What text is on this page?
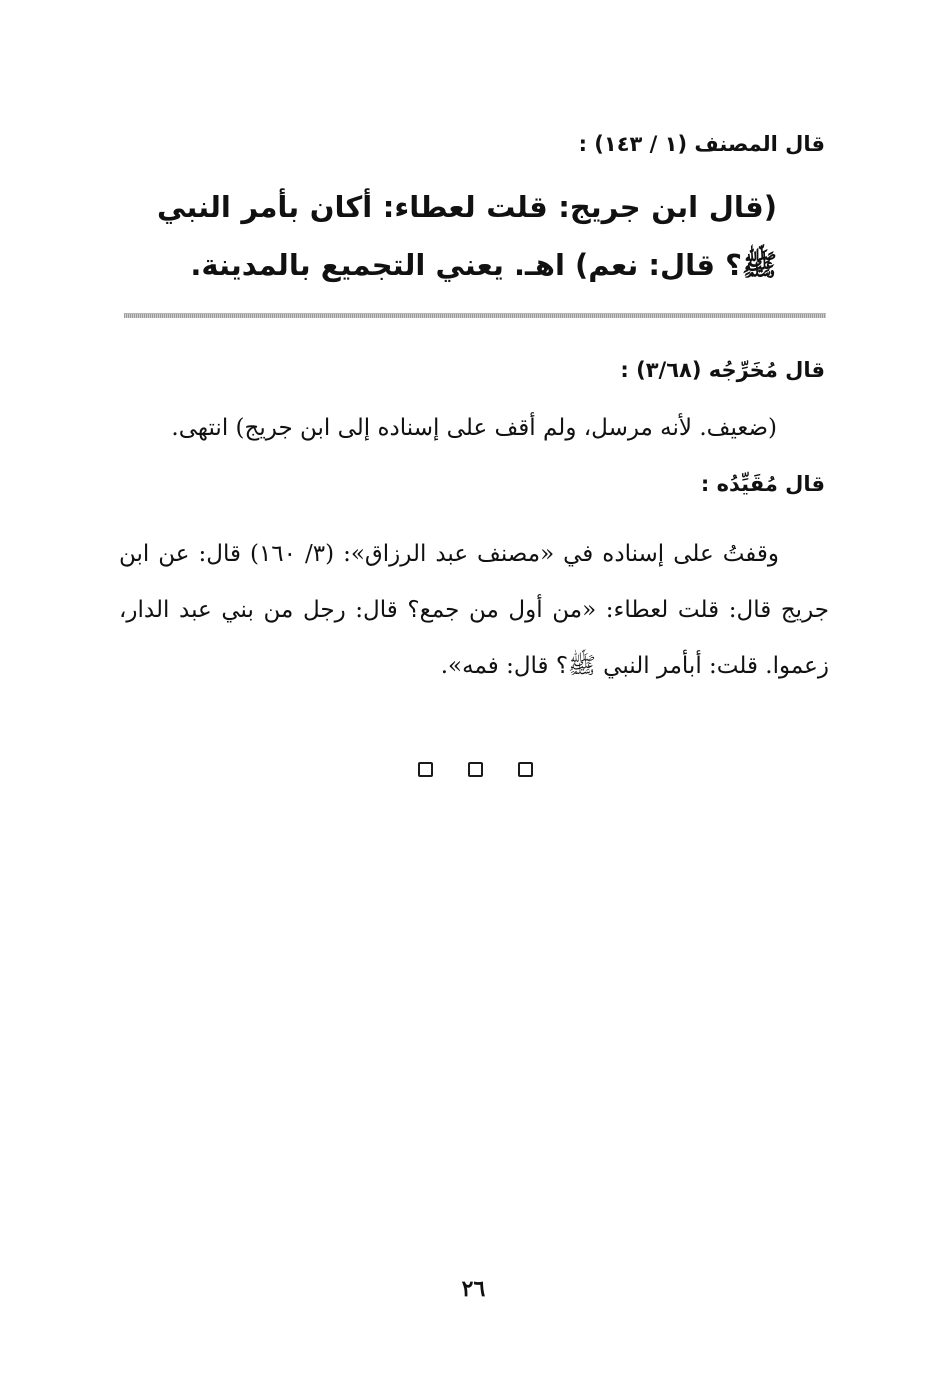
قال المصنف (١ / ١٤٣) :
(قال ابن جريج: قلت لعطاء: أكان بأمر النبي ﷺ؟ قال: نعم) اهـ. يعني التجميع بالمدينة.
قال مُخَرِّجُه (٣/٦٨) :
(ضعيف. لأنه مرسل، ولم أقف على إسناده إلى ابن جريج) انتهى.
قال مُقَيِّدُه :
وقفتُ على إسناده في «مصنف عبد الرزاق»: (٣/ ١٦٠) قال: عن ابن جريج قال: قلت لعطاء: «من أول من جمع؟ قال: رجل من بني عبد الدار، زعموا. قلت: أبأمر النبي ﷺ؟ قال: فمه».
٢٦
